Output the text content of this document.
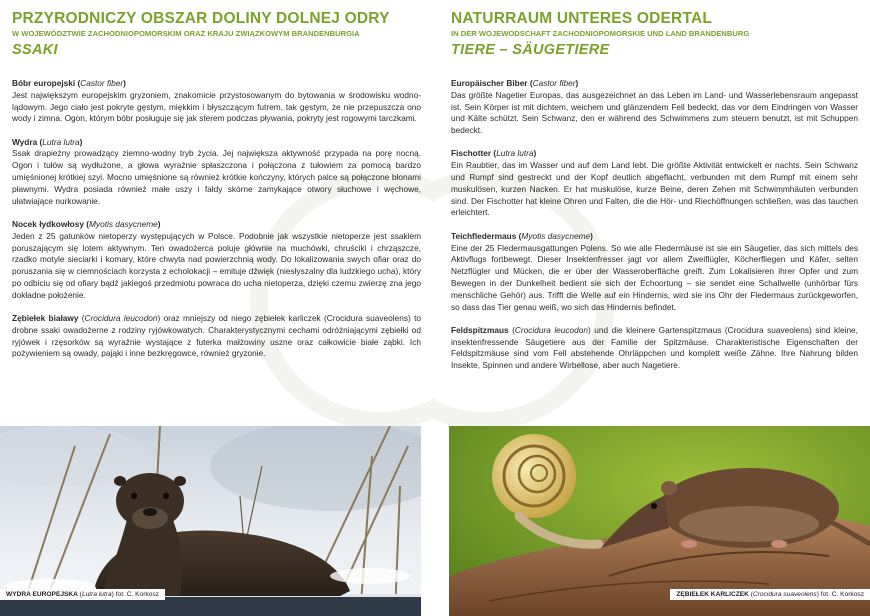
PRZYRODNICZY OBSZAR DOLINY DOLNEJ ODRY
W WOJEWÓDZTWIE ZACHODNIOPOMORSKIM ORAZ KRAJU ZWIĄZKOWYM BRANDENBURGIA
SSAKI
Bóbr europejski (Castor fiber)
Jest największym europejskim gryzoniem, znakomicie przystosowanym do bytowania w środowisku wodno-lądowym. Jego ciało jest pokryte gęstym, miękkim i błyszczącym futrem, tak gęstym, że nie przepuszcza ono wody i zimna. Ogon, którym bóbr posługuje się jak sterem podczas pływania, pokryty jest rogowymi tarczkami.
Wydra (Lutra lutra)
Ssak drapieżny prowadzący ziemno-wodny tryb życia. Jej największa aktywność przypada na porę nocną. Ogon i tułów są wydłużone, a głowa wyraźnie spłaszczona i połączona z tułowiem za pomocą bardzo umięśnionej krótkiej szyi. Mocno umięśnione są również krótkie kończyny, których palce są połączone błonami pławnymi. Wydra posiada również małe uszy i fałdy skórne zamykające otwory słuchowe i węchowe, ułatwiające nurkowanie.
Nocek łydkowłosy (Myotis dasycneme)
Jeden z 25 gatunków nietoperzy występujących w Polsce. Podobnie jak wszystkie nietoperze jest ssakiem poruszającym się lotem aktywnym. Ten owadożerca poluje głównie na muchówki, chruściki i chrząszcze, rzadko motyle sieciarki i komary, które chwyta nad powierzchnią wody. Do lokalizowania swych ofiar oraz do poruszania się w ciemnościach korzysta z echolokacji – emituje dźwięk (niesłyszalny dla ludzkiego ucha), który po odbiciu się od ofiary bądź jakiegoś przedmiotu powraca do ucha nietoperza, dzięki czemu zwierzę zna jego dokładne położenie.
Zębiełek białawy (Crocidura leucodon) oraz mniejszy od niego zębiełek karliczek (Crocidura suaveolens) to drobne ssaki owadożerne z rodziny ryjówkowatych. Charakterystycznymi cechami odróżniającymi zębiełki od ryjówek i rzęsorków są wyraźnie wystające z futerka małżowiny uszne oraz całkowicie białe ząbki. Ich pożywieniem są owady, pająki i inne bezkręgowce, również gryzonie.
WYDRA EUROPEJSKA (Lutra lutra) fot. C. Korkosz
NATURRAUM UNTERES ODERTAL
IN DER WOJEWODSCHAFT ZACHODNIOPOMORSKIE UND LAND BRANDENBURG
TIERE – SÄUGETIERE
Europäischer Biber (Castor fiber)
Das größte Nagetier Europas, das ausgezeichnet an das Leben im Land- und Wasserlebensraum angepasst ist. Sein Körper ist mit dichtem, weichem und glänzendem Fell bedeckt, das vor dem Eindringen von Wasser und Kälte schützt. Sein Schwanz, den er während des Schwimmens zum steuern benutzt, ist mit Schuppen bedeckt.
Fischotter (Lutra lutra)
Ein Raubtier, das im Wasser und auf dem Land lebt. Die größte Aktivität entwickelt er nachts. Sein Schwanz und Rumpf sind gestreckt und der Kopf deutlich abgeflacht, verbunden mit dem Rumpf mit einem sehr muskulösen, kurzen Nacken. Er hat muskulöse, kurze Beine, deren Zehen mit Schwimmhäuten verbunden sind. Der Fischotter hat kleine Ohren und Falten, die die Hör- und Riechöffnungen schließen, was das tauchen erleichtert.
Teichfledermaus (Myotis dasycneme)
Eine der 25 Fledermausgattungen Polens. So wie alle Fledermäuse ist sie ein Säugetier, das sich mittels des Aktivflugs fortbewegt. Dieser Insektenfresser jagt vor allem Zweiflügler, Köcherfliegen und Käfer, selten Netzflügler und Mücken, die er über der Wasseroberfläche greift. Zum Lokalisieren ihrer Opfer und zum Bewegen in der Dunkelheit bedient sie sich der Echoortung – sie sendet eine Schallwelle (unhörbar fürs menschliche Gehör) aus. Trifft die Welle auf ein Hindernis, wird sie ins Ohr der Fledermaus zurückgeworfen, so dass das Tier genau weiß, wo sich das Hindernis befindet.
Feldspitzmaus (Crocidura leucodon) und die kleinere Gartenspitzmaus (Crocidura suaveolens) sind kleine, insektenfressende Säugetiere aus der Familie der Spitzmäuse. Charakteristische Eigenschaften der Feldspitzmäuse sind vom Fell abstehende Ohrläppchen und komplett weiße Zähne. Ihre Nahrung bilden Insekte, Spinnen und andere Wirbellose, aber auch Nagetiere.
ZĘBIEŁEK KARLICZEK (Crocidura suaveolens) fot. C. Korkosz
